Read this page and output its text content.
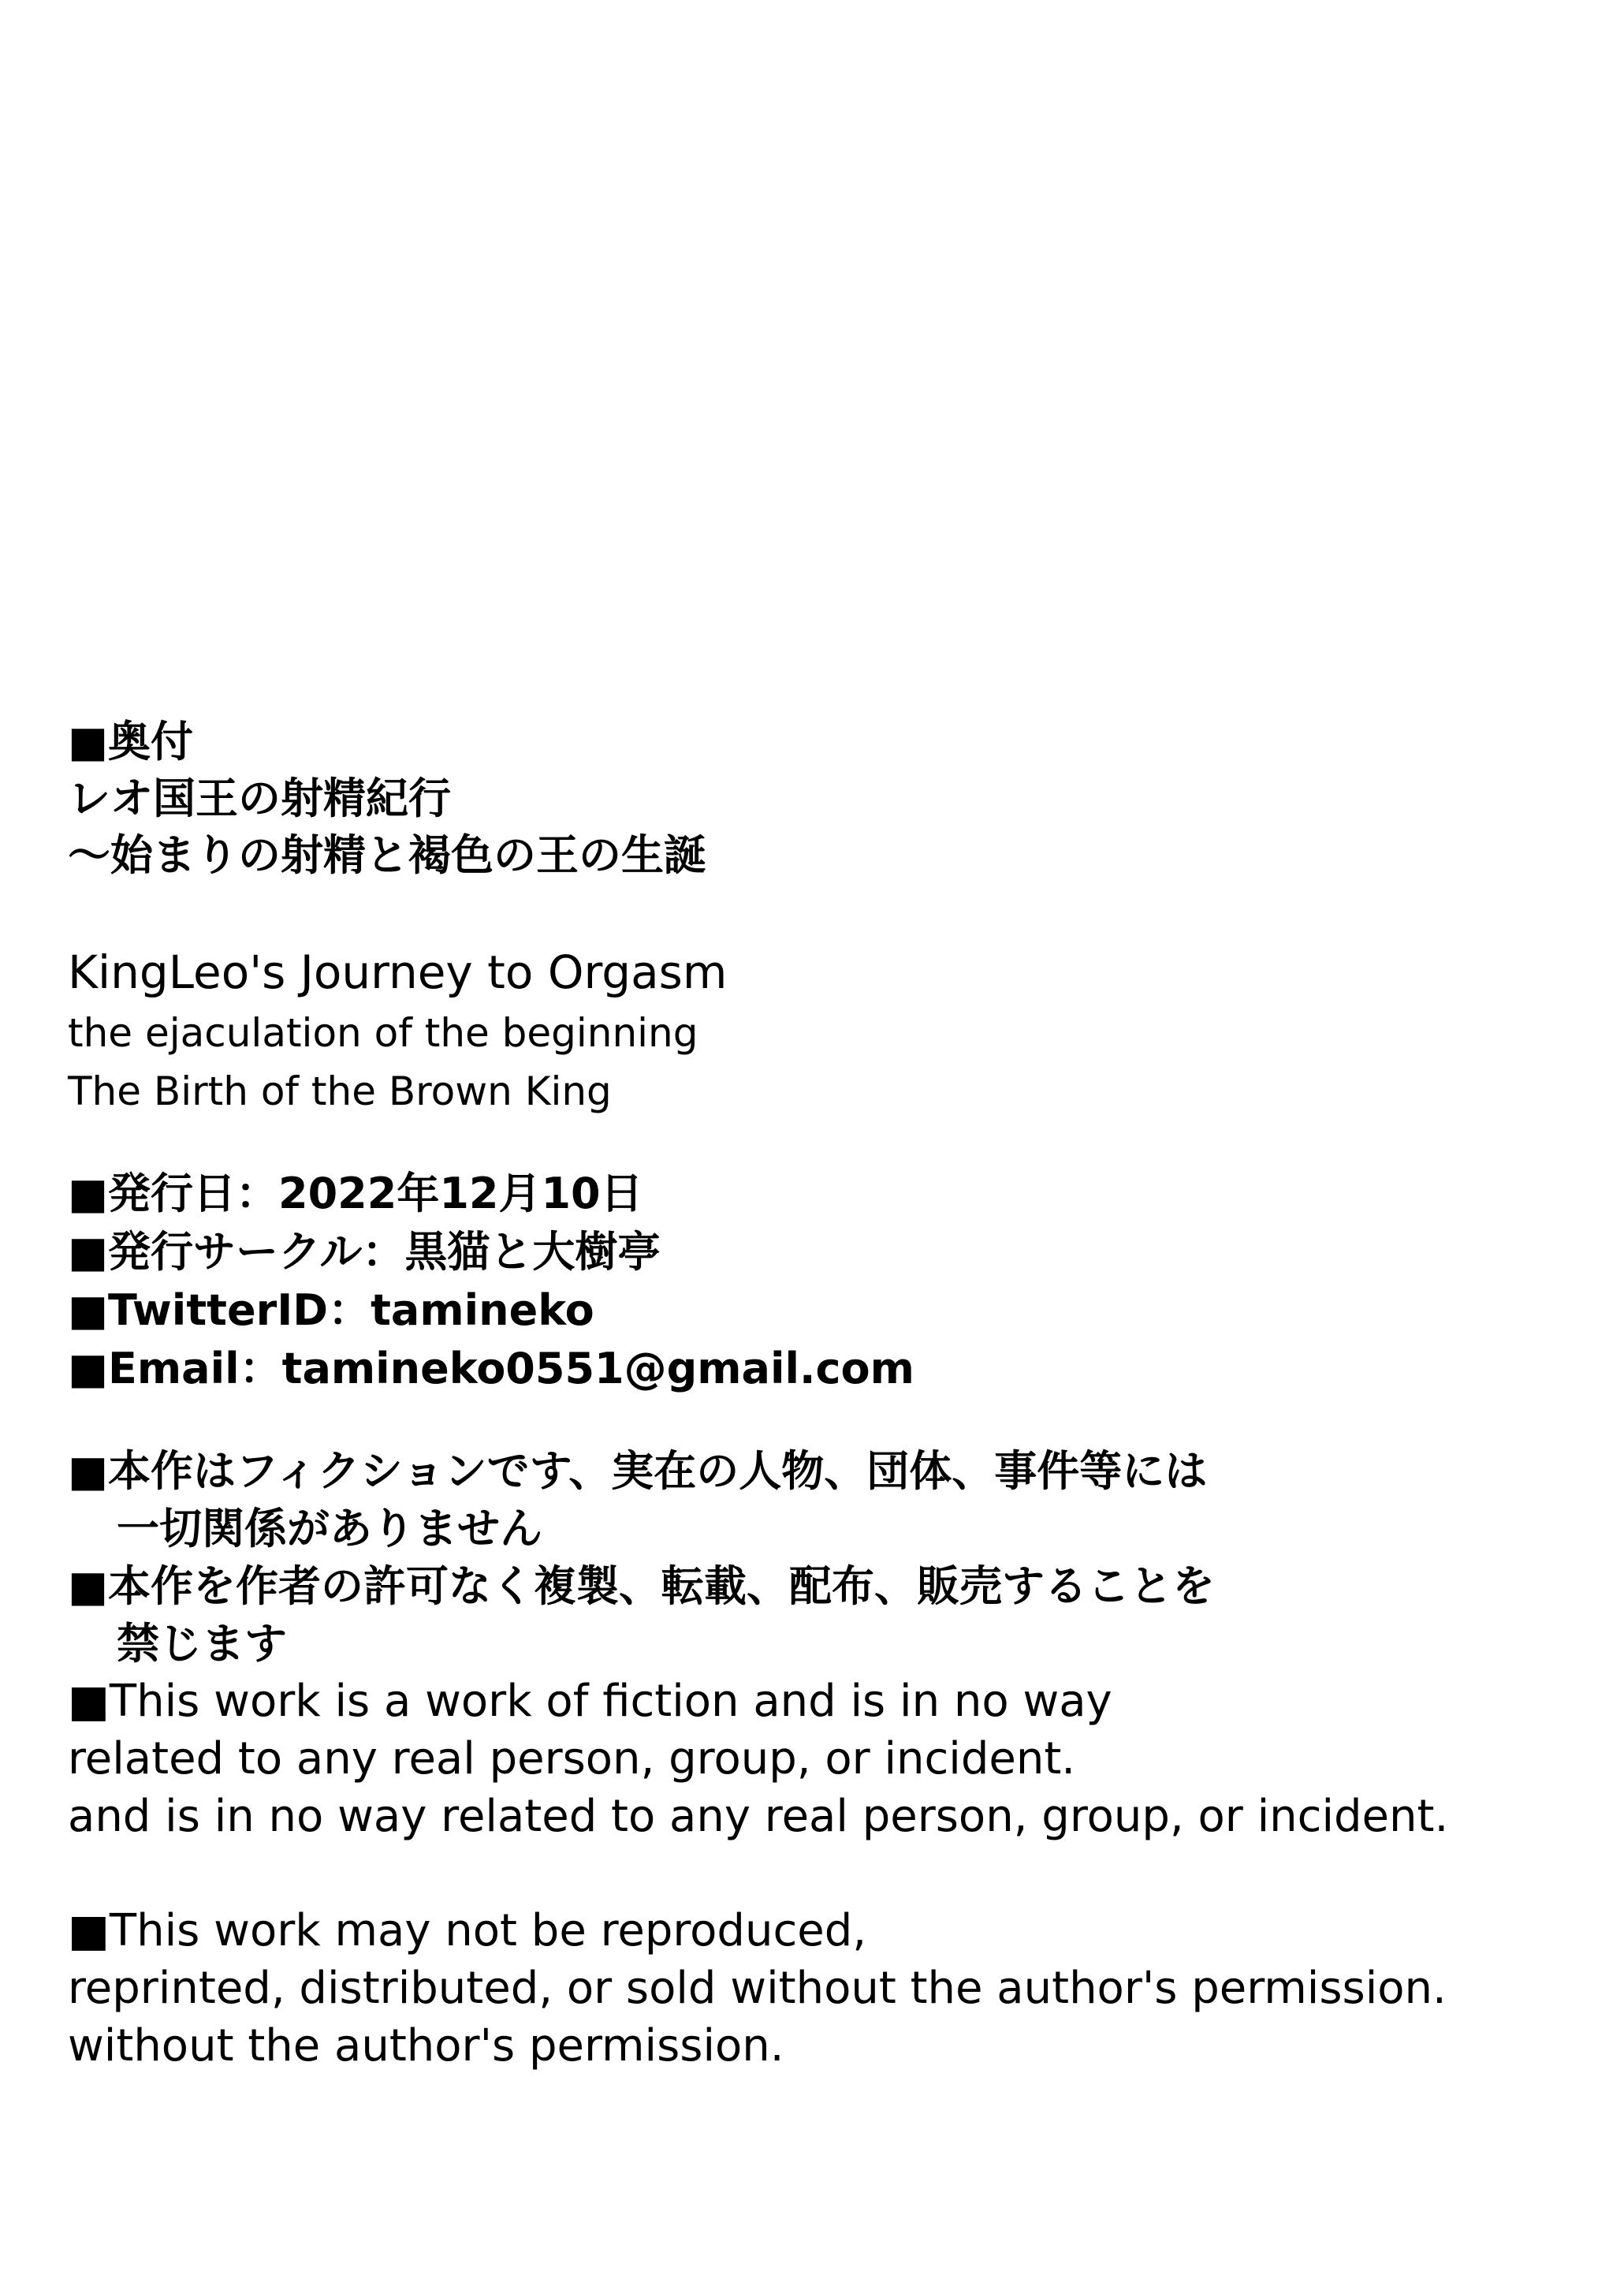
■奥付
レオ国王の射精紀行
〜始まりの射精と褐色の王の生誕
KingLeo's Journey to Orgasm
the ejaculation of the beginning
The Birth of the Brown King
■発行日：2022年12月10日
■発行サークル：黒猫と大樹亭
■TwitterID：tamineko
■Email：tamineko0551@gmail.com
■本作はフィクションです、実在の人物、団体、事件等には
一切関係がありません
■本作を作者の許可なく複製、転載、配布、販売することを
禁じます
■This work is a work of fiction and is in no way
related to any real person, group, or incident.
and is in no way related to any real person, group, or incident.
■This work may not be reproduced,
reprinted, distributed, or sold without the author's permission.
without the author's permission.
